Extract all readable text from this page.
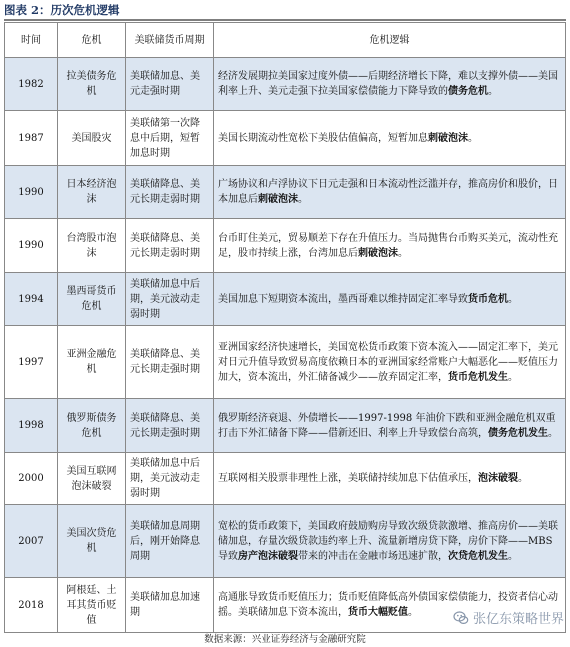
图表 2：历次危机逻辑
时间	危机	美联储货币周期	危机逻辑

1982	拉美债务危机	美联储加息、美元走强时期	经济发展期拉美国家过度外债——后期经济增长下降，难以支撑外债——美国利率上升、美元走强下拉美国家偿债能力下降导致的债务危机。

1987	美国股灾	美联储第一次降息中后期，短暂加息时期	美国长期流动性宽松下美股估值偏高，短暂加息刺破泡沫。

1990	日本经济泡沫	美联储降息、美元长期走弱时期	广场协议和卢浮协议下日元走强和日本流动性泛滥并存，推高房价和股价，日本加息后刺破泡沫。

1990	台湾股市泡沫	美联储降息、美元长期走弱时期	台币盯住美元，贸易顺差下存在升值压力。当局抛售台币购买美元，流动性充足，股市持续上涨，台湾加息后刺破泡沫。

1994	墨西哥货币危机	美联储加息中后期，美元波动走弱时期	美国加息下短期资本流出，墨西哥难以维持固定汇率导致货币危机。

1997	亚洲金融危机	美联储降息、美元长期走强时期	亚洲国家经济快速增长，美国宽松货币政策下资本流入——固定汇率下，美元对日元升值导致贸易高度依赖日本的亚洲国家经常账户大幅恶化——贬值压力加大，资本流出，外汇储备减少——放弃固定汇率，货币危机发生。

1998	俄罗斯债务危机	美联储降息、美元长期走强时期	俄罗斯经济衰退、外债增长——1997-1998 年油价下跌和亚洲金融危机双重打击下外汇储备下降——借新还旧、利率上升导致偿台高筑，债务危机发生。

2000	美国互联网泡沫破裂	美联储加息中后期，美元波动走弱时期	互联网相关股票非理性上涨，美联储持续加息下估值承压，泡沫破裂。

2007	美国次贷危机	美联储加息周期后，刚开始降息周期	宽松的货币政策下，美国政府鼓励购房导致次级贷款激增、推高房价——美联储加息，存量次级贷款违约率上升、流量新增房贷下降，房价下降——MBS 导致房产泡沫破裂带来的冲击在金融市场迅速扩散，次贷危机发生。

2018	阿根廷、土耳其货币贬值	美联储加息加速期	高通胀导致货币贬值压力；货币贬值降低高外债国家偿债能力，投资者信心动摇。美联储加息下资本流出，货币大幅贬值。	张亿东策略世界
数据来源：兴业证券经济与金融研究院
